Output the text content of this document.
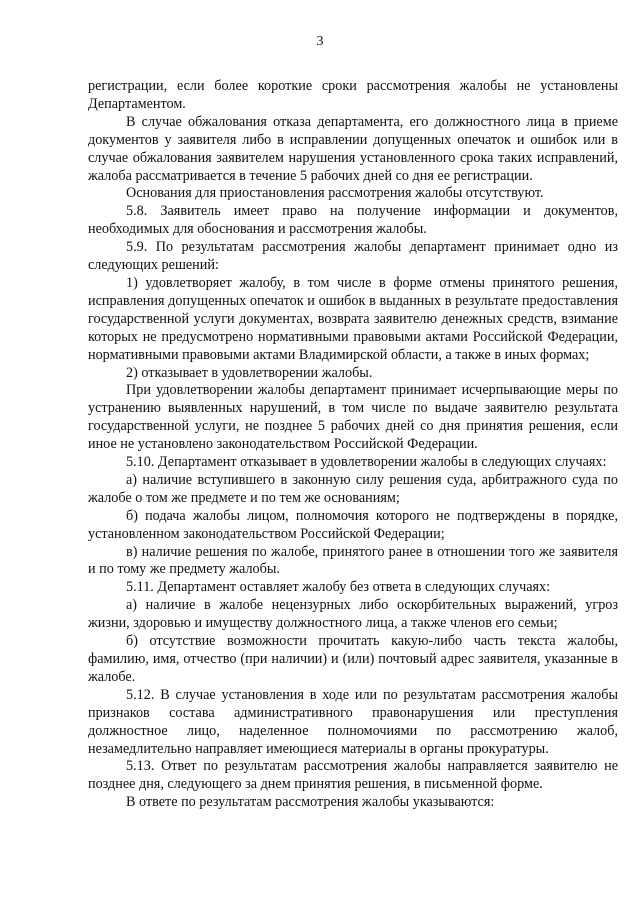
3

регистрации, если более короткие сроки рассмотрения жалобы не установлены Департаментом.

В случае обжалования отказа департамента, его должностного лица в приеме документов у заявителя либо в исправлении допущенных опечаток и ошибок или в случае обжалования заявителем нарушения установленного срока таких исправлений, жалоба рассматривается в течение 5 рабочих дней со дня ее регистрации.

Основания для приостановления рассмотрения жалобы отсутствуют.

5.8. Заявитель имеет право на получение информации и документов, необходимых для обоснования и рассмотрения жалобы.

5.9. По результатам рассмотрения жалобы департамент принимает одно из следующих решений:

1) удовлетворяет жалобу, в том числе в форме отмены принятого решения, исправления допущенных опечаток и ошибок в выданных в результате предоставления государственной услуги документах, возврата заявителю денежных средств, взимание которых не предусмотрено нормативными правовыми актами Российской Федерации, нормативными правовыми актами Владимирской области, а также в иных формах;

2) отказывает в удовлетворении жалобы.

При удовлетворении жалобы департамент принимает исчерпывающие меры по устранению выявленных нарушений, в том числе по выдаче заявителю результата государственной услуги, не позднее 5 рабочих дней со дня принятия решения, если иное не установлено законодательством Российской Федерации.

5.10. Департамент отказывает в удовлетворении жалобы в следующих случаях:

а) наличие вступившего в законную силу решения суда, арбитражного суда по жалобе о том же предмете и по тем же основаниям;

б) подача жалобы лицом, полномочия которого не подтверждены в порядке, установленном законодательством Российской Федерации;

в) наличие решения по жалобе, принятого ранее в отношении того же заявителя и по тому же предмету жалобы.

5.11. Департамент оставляет жалобу без ответа в следующих случаях:

а) наличие в жалобе нецензурных либо оскорбительных выражений, угроз жизни, здоровью и имуществу должностного лица, а также членов его семьи;

б) отсутствие возможности прочитать какую-либо часть текста жалобы, фамилию, имя, отчество (при наличии) и (или) почтовый адрес заявителя, указанные в жалобе.

5.12. В случае установления в ходе или по результатам рассмотрения жалобы признаков состава административного правонарушения или преступления должностное лицо, наделенное полномочиями по рассмотрению жалоб, незамедлительно направляет имеющиеся материалы в органы прокуратуры.

5.13. Ответ по результатам рассмотрения жалобы направляется заявителю не позднее дня, следующего за днем принятия решения, в письменной форме.

В ответе по результатам рассмотрения жалобы указываются:
